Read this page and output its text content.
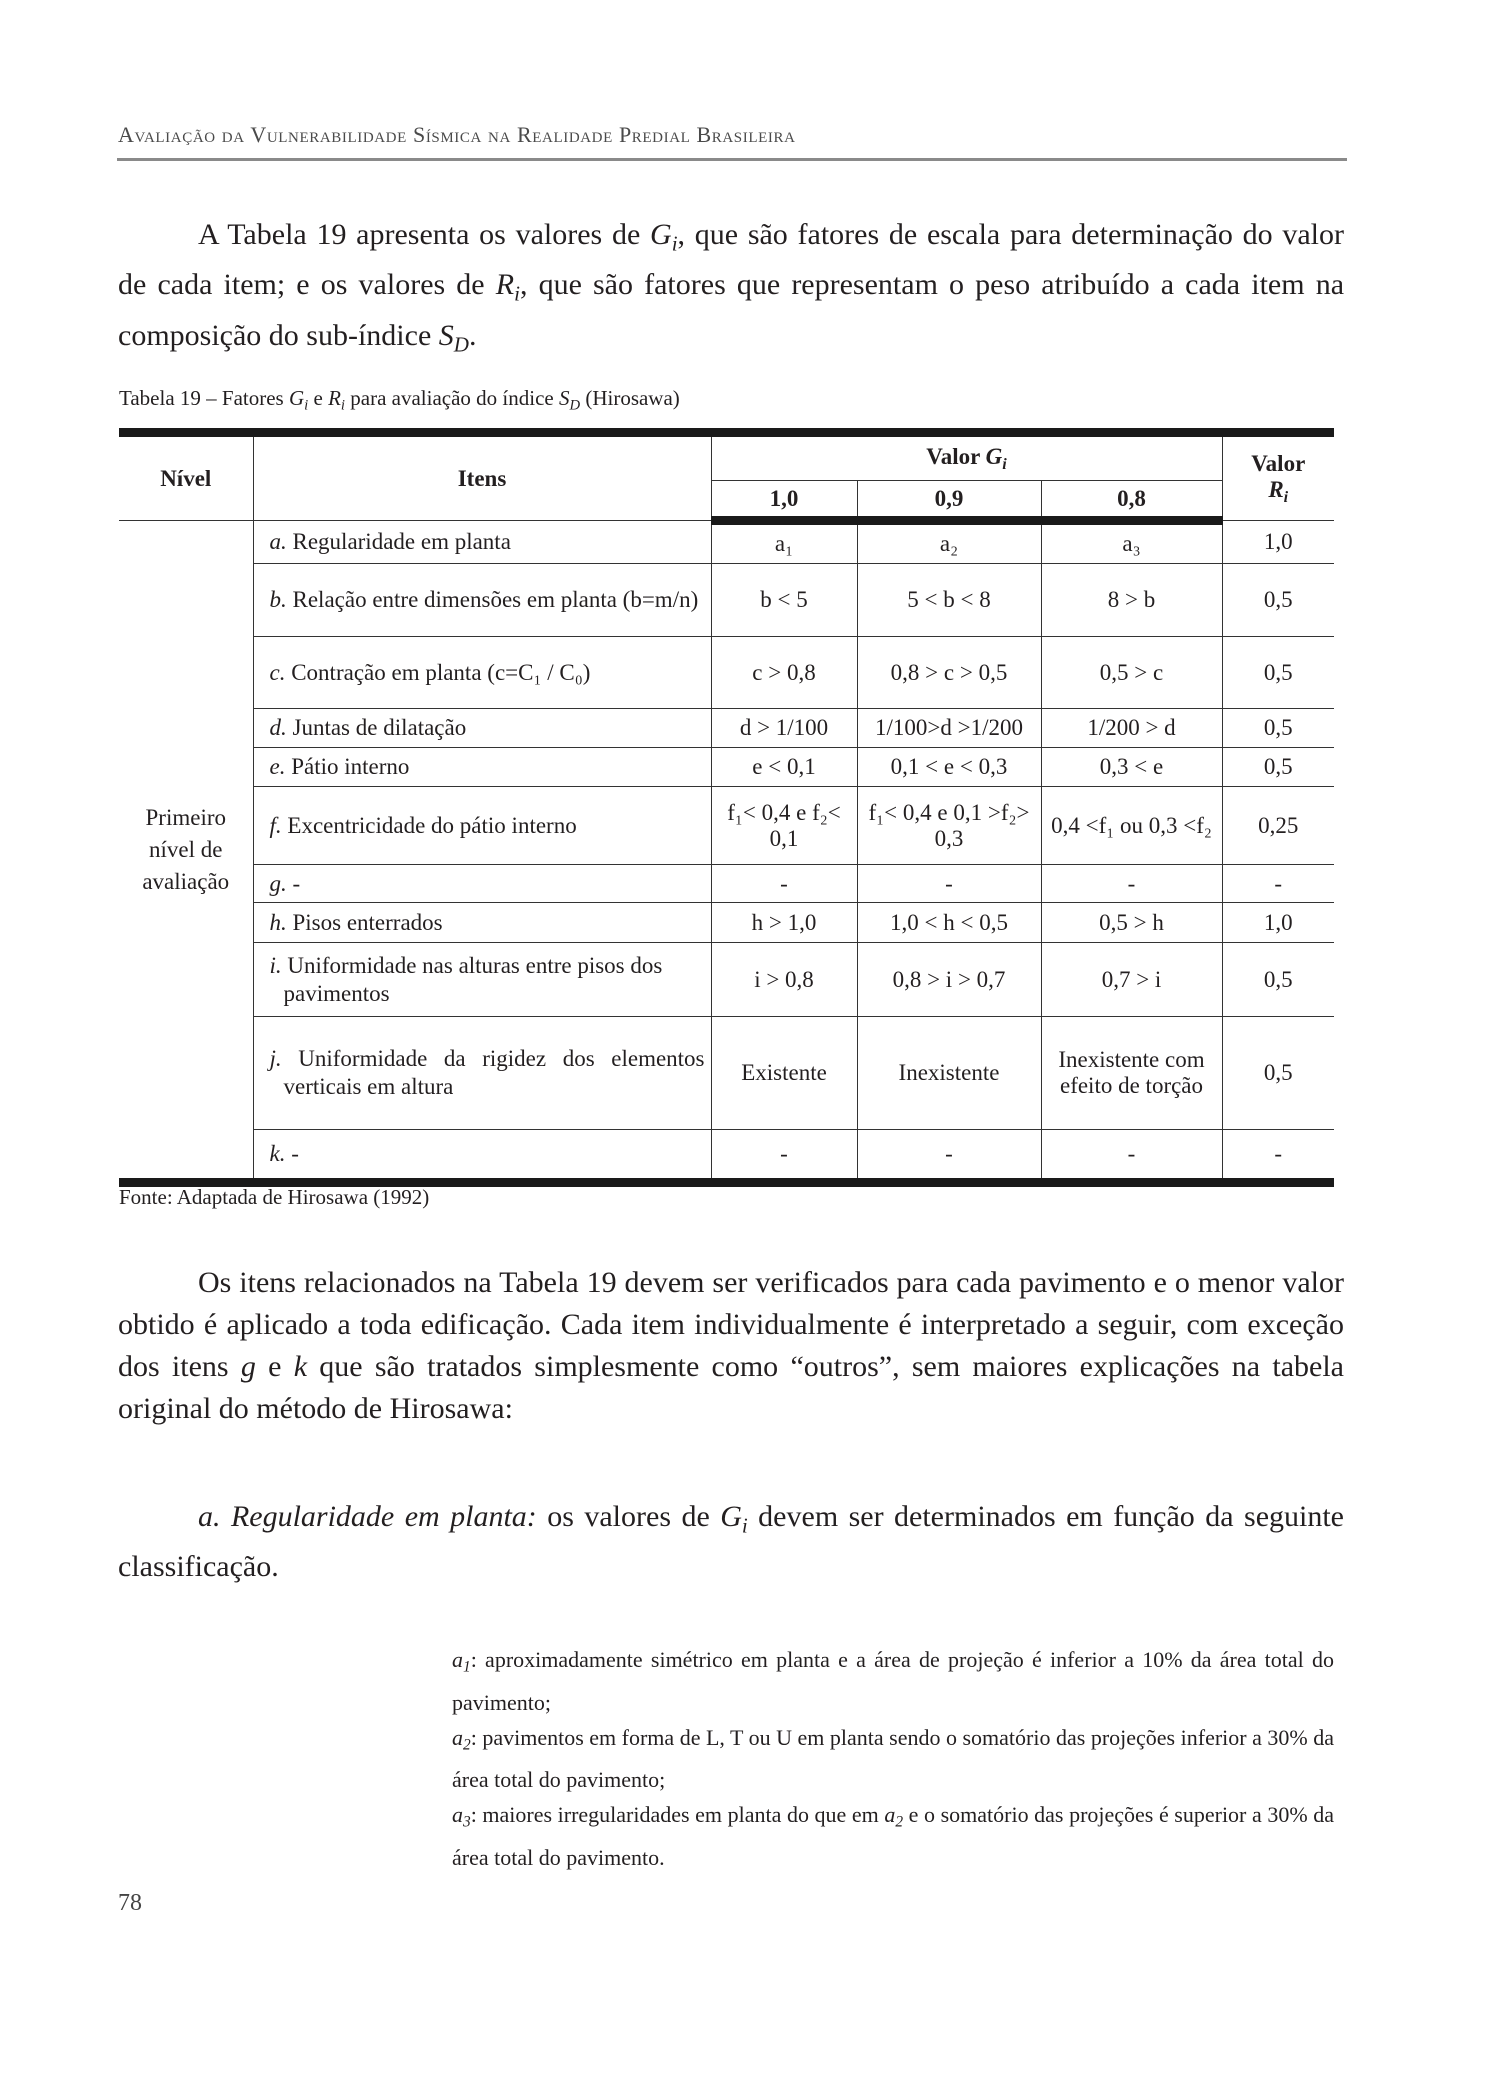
Avaliação da Vulnerabilidade Sísmica na Realidade Predial Brasileira
A Tabela 19 apresenta os valores de $G_i$, que são fatores de escala para determinação do valor de cada item; e os valores de $R_i$, que são fatores que representam o peso atribuído a cada item na composição do sub-índice $S_D$.
Tabela 19 – Fatores $G_i$ e $R_i$ para avaliação do índice $S_D$ (Hirosawa)
Nível	Itens	Valor $G_i$			Valor
$R_i$
		1,0	0,9	0,8	
Primeiro nível de avaliação	a. Regularidade em planta	a₁	a₂	a₃	1,0
	b. Relação entre dimensões em planta (b=m/n)	b < 5	5 < b < 8	8 > b	0,5
	c. Contração em planta (c=C₁ / C₀)	c > 0,8	0,8 > c > 0,5	0,5 > c	0,5
	d. Juntas de dilatação	d > 1/100	1/100>d >1/200	1/200 > d	0,5
	e. Pátio interno	e < 0,1	0,1 < e < 0,3	0,3 < e	0,5
	f. Excentricidade do pátio interno	f₁< 0,4 e f₂< 0,1	f₁< 0,4 e 0,1 >f₂> 0,3	0,4 <f₁ ou 0,3 <f₂	0,25
	g. -	-	-	-	-
	h. Pisos enterrados	h > 1,0	1,0 < h < 0,5	0,5 > h	1,0
	i. Uniformidade nas alturas entre pisos dos pavimentos	i > 0,8	0,8 > i > 0,7	0,7 > i	0,5
	j. Uniformidade da rigidez dos elementos verticais em altura	Existente	Inexistente	Inexistente com efeito de torção	0,5
	k. -	-	-	-	-
Fonte: Adaptada de Hirosawa (1992)
Os itens relacionados na Tabela 19 devem ser verificados para cada pavimento e o menor valor obtido é aplicado a toda edificação. Cada item individualmente é interpretado a seguir, com exceção dos itens g e k que são tratados simplesmente como “outros”, sem maiores explicações na tabela original do método de Hirosawa:
a. Regularidade em planta: os valores de $G_i$ devem ser determinados em função da seguinte classificação.

$a_1$: aproximadamente simétrico em planta e a área de projeção é inferior a 10% da área total do pavimento;

$a_2$: pavimentos em forma de L, T ou U em planta sendo o somatório das projeções inferior a 30% da área total do pavimento;

$a_3$: maiores irregularidades em planta do que em $a_2$ e o somatório das projeções é superior a 30% da área total do pavimento.

78
